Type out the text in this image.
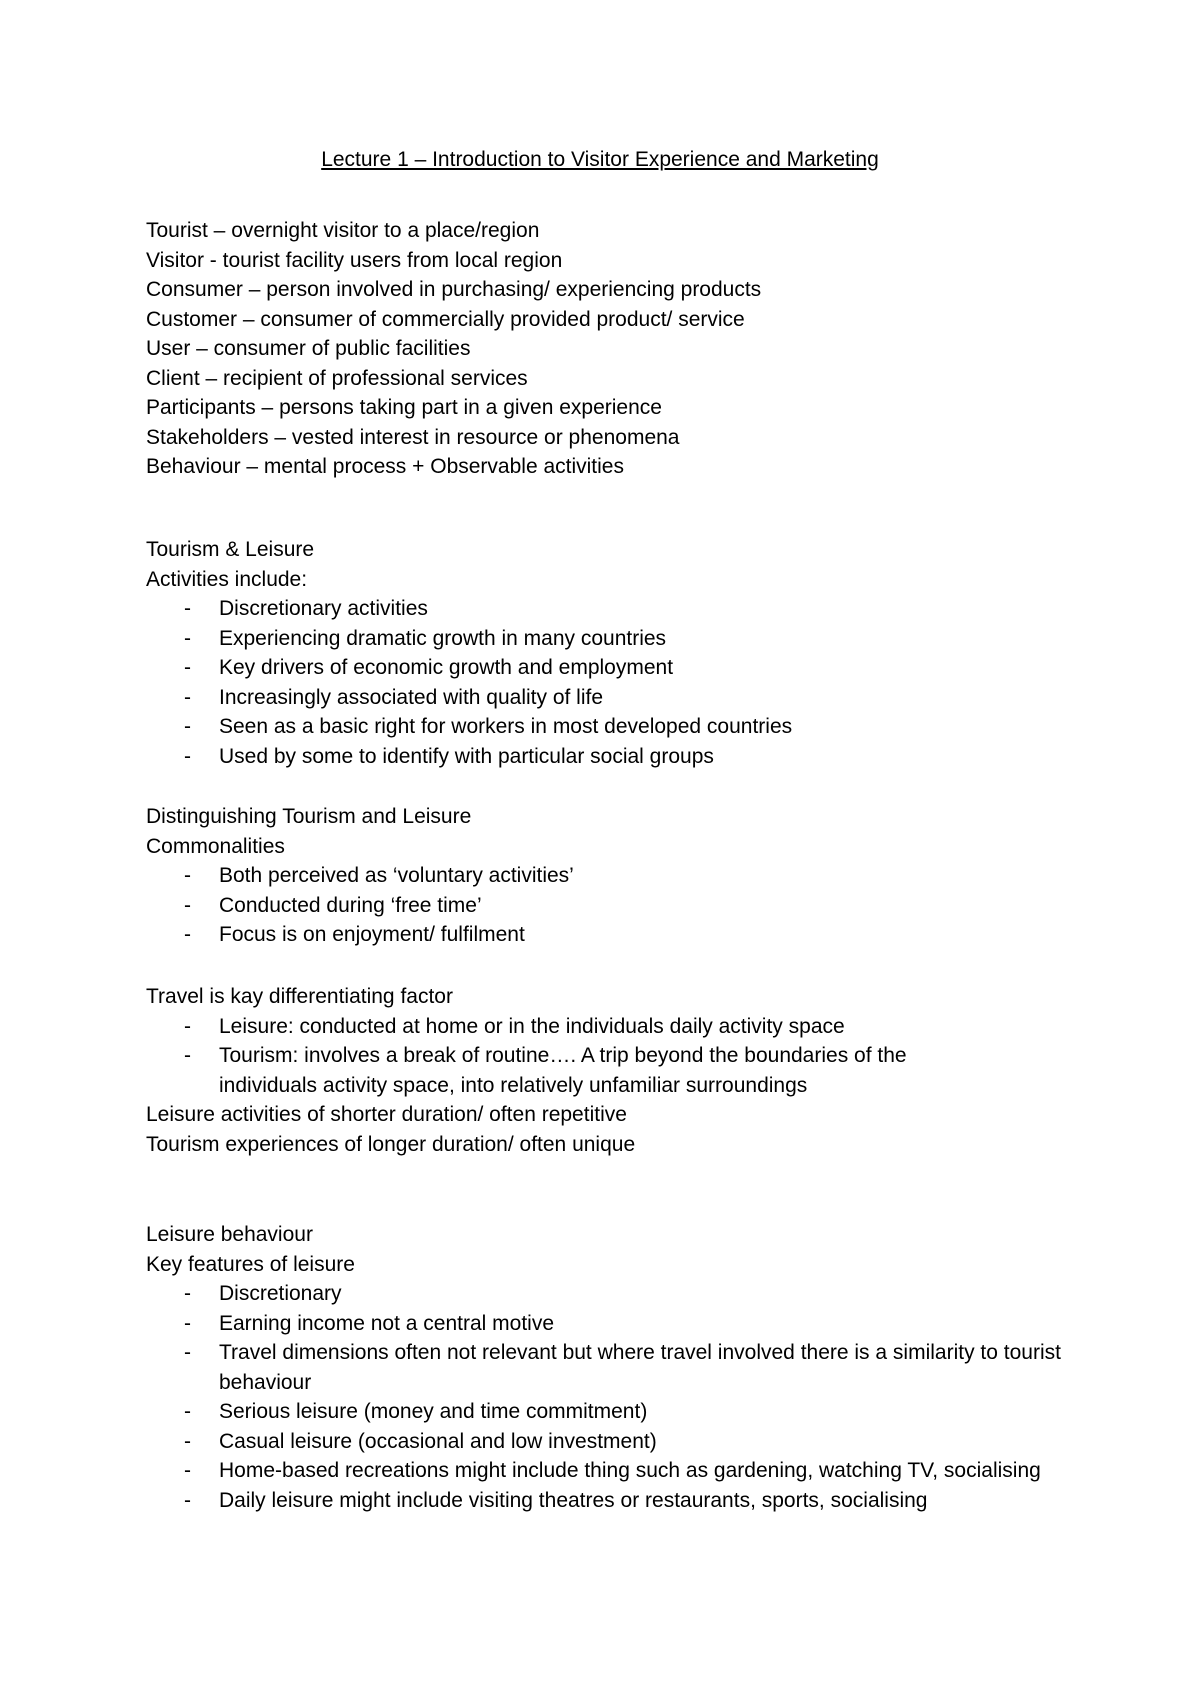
Lecture 1 – Introduction to Visitor Experience and Marketing
Tourist – overnight visitor to a place/region
Visitor - tourist facility users from local region
Consumer – person involved in purchasing/ experiencing products
Customer – consumer of commercially provided product/ service
User – consumer of public facilities
Client – recipient of professional services
Participants – persons taking part in a given experience
Stakeholders – vested interest in resource or phenomena
Behaviour – mental process + Observable activities
Tourism & Leisure
Activities include:
- Discretionary activities
- Experiencing dramatic growth in many countries
- Key drivers of economic growth and employment
- Increasingly associated with quality of life
- Seen as a basic right for workers in most developed countries
- Used by some to identify with particular social groups
Distinguishing Tourism and Leisure
Commonalities
- Both perceived as ‘voluntary activities’
- Conducted during ‘free time’
- Focus is on enjoyment/ fulfilment
Travel is kay differentiating factor
- Leisure: conducted at home or in the individuals daily activity space
- Tourism: involves a break of routine…. A trip beyond the boundaries of the individuals activity space, into relatively unfamiliar surroundings
Leisure activities of shorter duration/ often repetitive
Tourism experiences of longer duration/ often unique
Leisure behaviour
Key features of leisure
- Discretionary
- Earning income not a central motive
- Travel dimensions often not relevant but where travel involved there is a similarity to tourist behaviour
- Serious leisure (money and time commitment)
- Casual leisure (occasional and low investment)
- Home-based recreations might include thing such as gardening, watching TV, socialising
- Daily leisure might include visiting theatres or restaurants, sports, socialising
